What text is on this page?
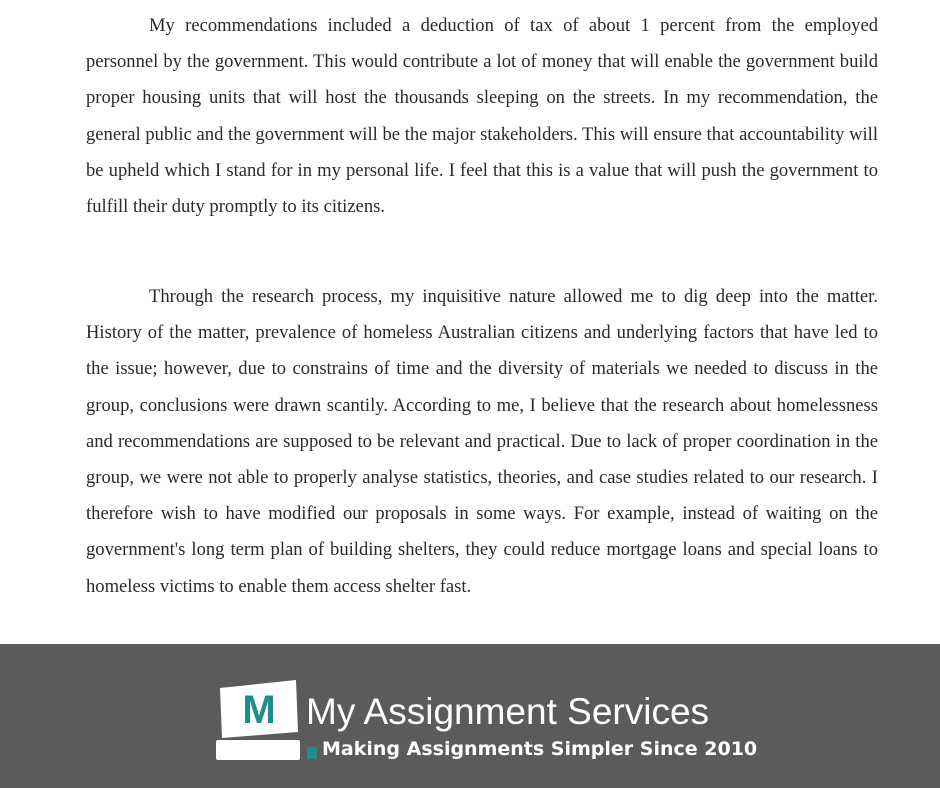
My recommendations included a deduction of tax of about 1 percent from the employed personnel by the government. This would contribute a lot of money that will enable the government build proper housing units that will host the thousands sleeping on the streets. In my recommendation, the general public and the government will be the major stakeholders. This will ensure that accountability will be upheld which I stand for in my personal life. I feel that this is a value that will push the government to fulfill their duty promptly to its citizens.

Through the research process, my inquisitive nature allowed me to dig deep into the matter. History of the matter, prevalence of homeless Australian citizens and underlying factors that have led to the issue; however, due to constrains of time and the diversity of materials we needed to discuss in the group, conclusions were drawn scantily. According to me, I believe that the research about homelessness and recommendations are supposed to be relevant and practical. Due to lack of proper coordination in the group, we were not able to properly analyse statistics, theories, and case studies related to our research. I therefore wish to have modified our proposals in some ways. For example, instead of waiting on the government's long term plan of building shelters, they could reduce mortgage loans and special loans to homeless victims to enable them access shelter fast.

M My Assignment Services
Making Assignments Simpler Since 2010
